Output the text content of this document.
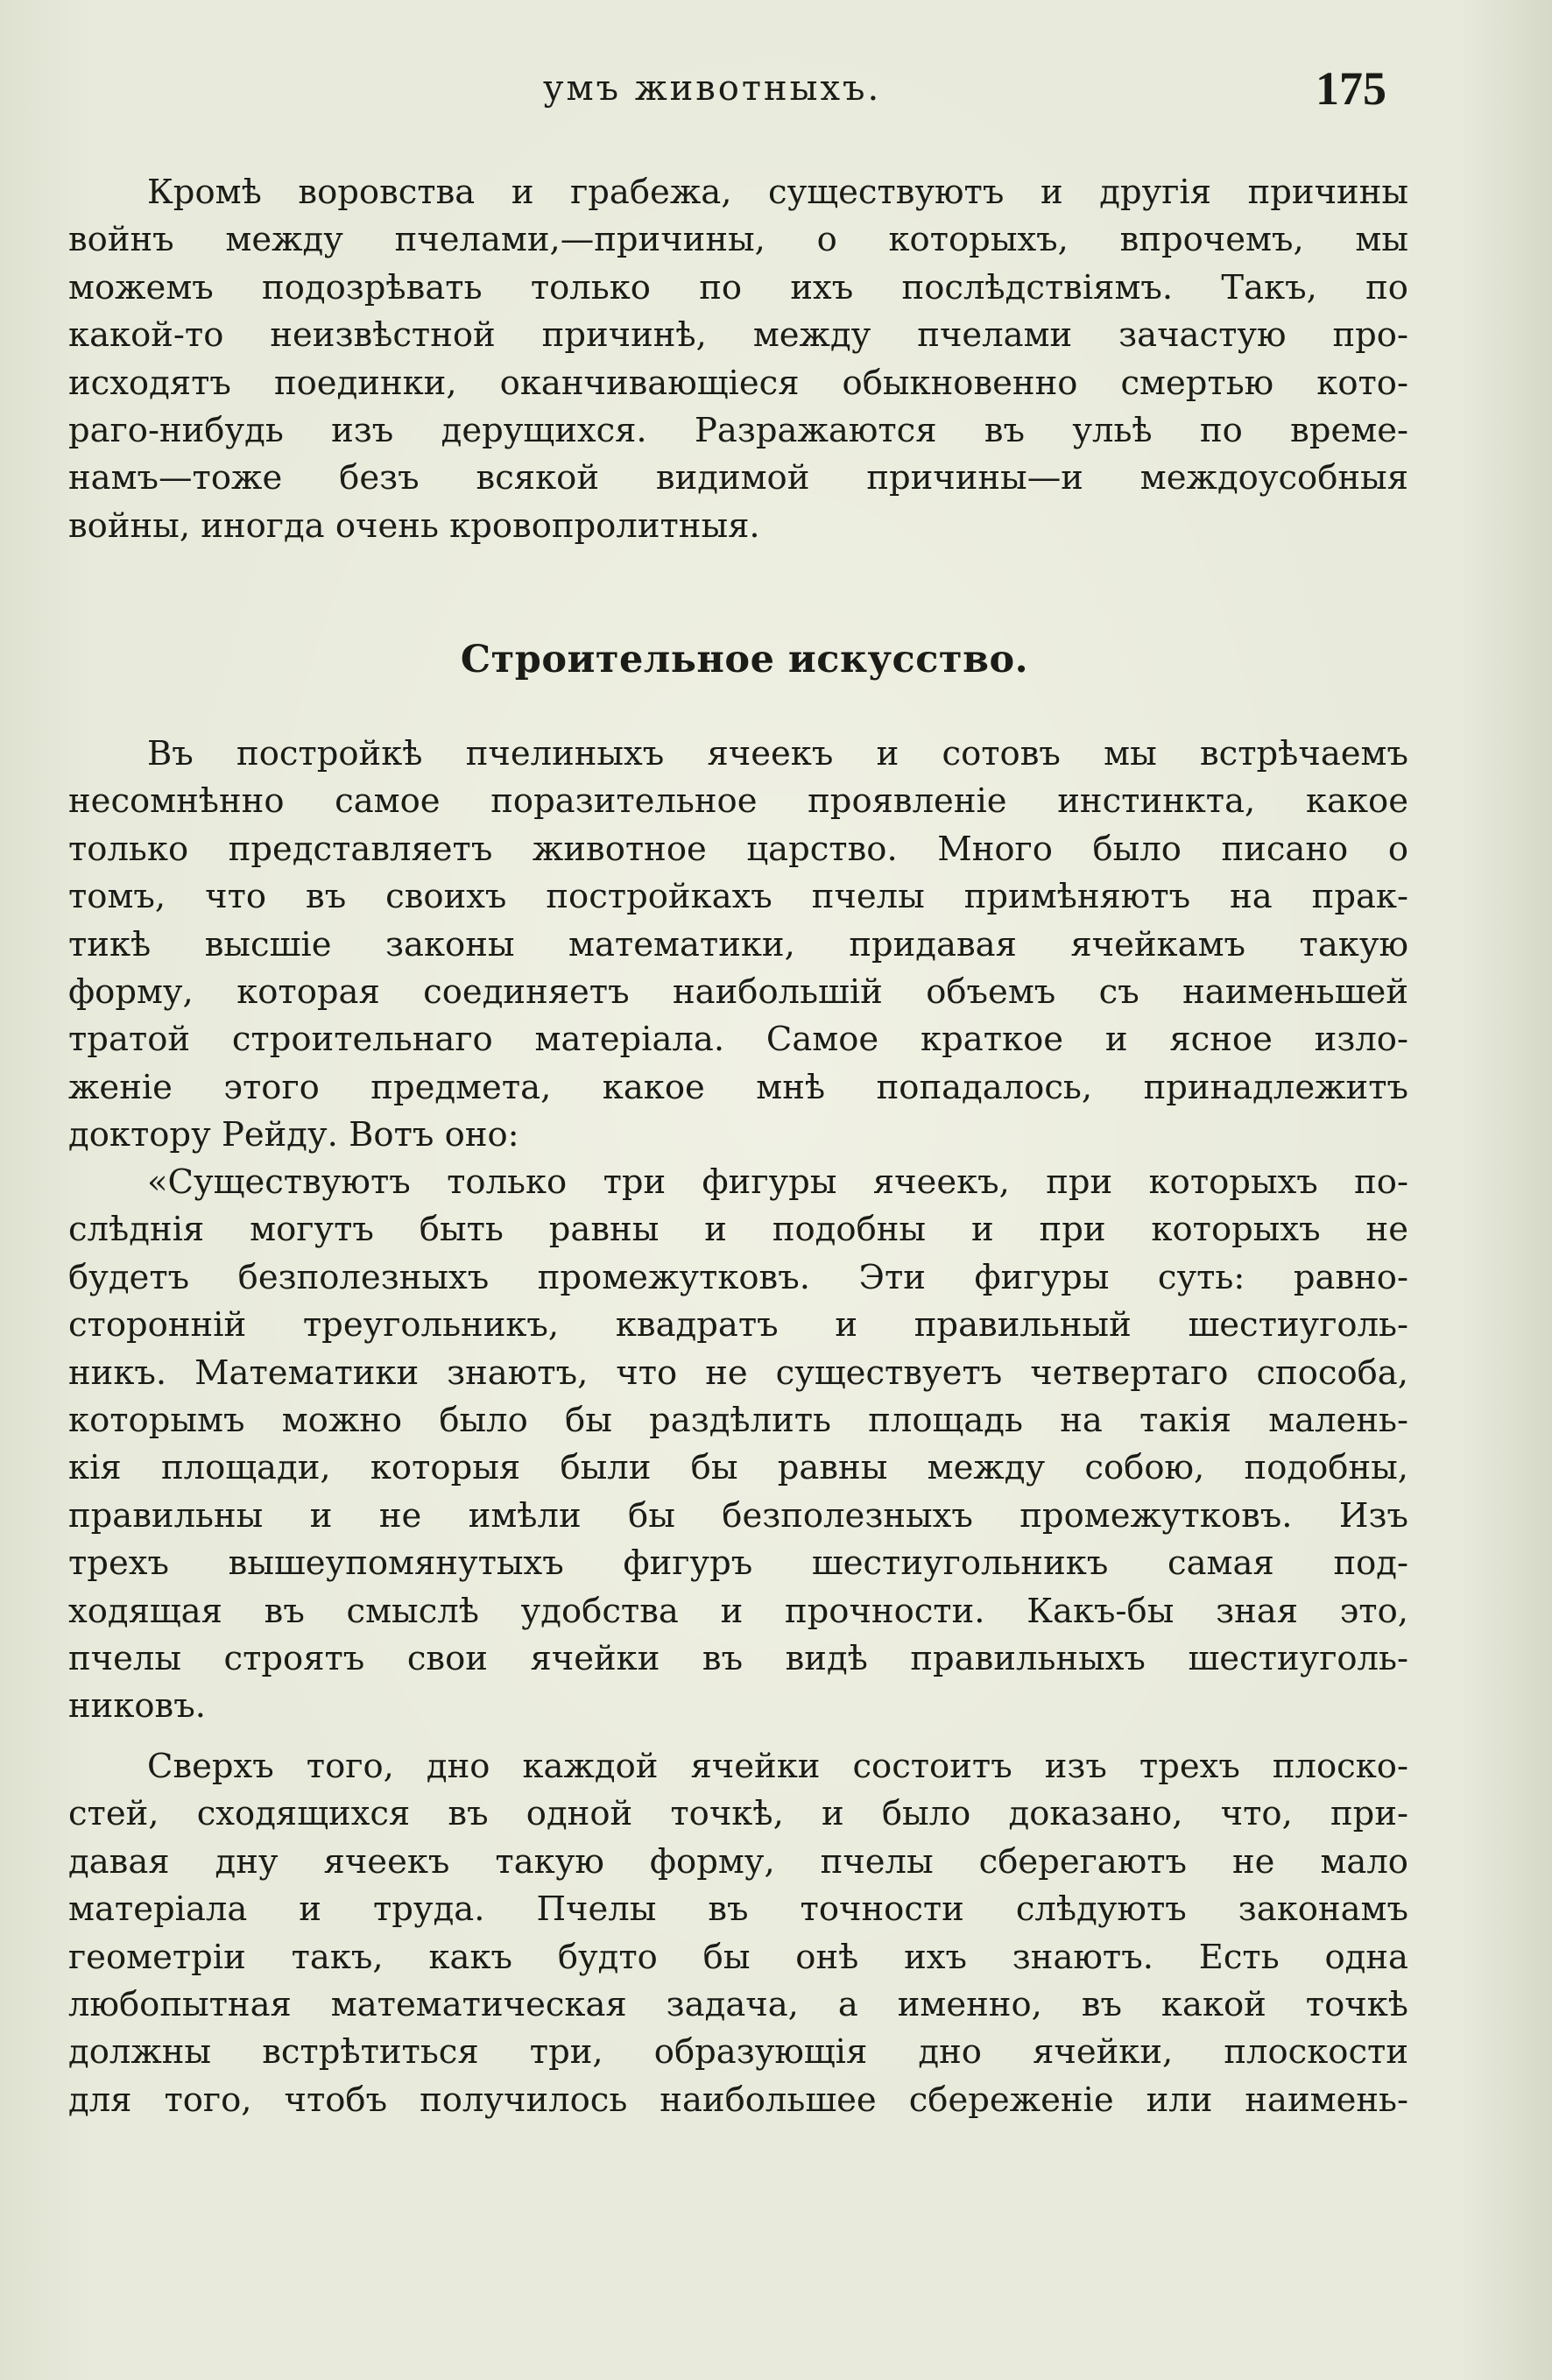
умъ животныхъ.	175
Кромѣ воровства и грабежа, существуютъ и другія причины
войнъ между пчелами,—причины, о которыхъ, впрочемъ, мы
можемъ подозрѣвать только по ихъ послѣдствіямъ. Такъ, по
какой-то неизвѣстной причинѣ, между пчелами зачастую про-
исходятъ поединки, оканчивающіеся обыкновенно смертью кото-
раго-нибудь изъ дерущихся. Разражаются въ ульѣ по време-
намъ—тоже безъ всякой видимой причины—и междоусобныя
войны, иногда очень кровопролитныя.
Строительное искусство.
Въ постройкѣ пчелиныхъ ячеекъ и сотовъ мы встрѣчаемъ
несомнѣнно самое поразительное проявленіе инстинкта, какое
только представляетъ животное царство. Много было писано о
томъ, что въ своихъ постройкахъ пчелы примѣняютъ на прак-
тикѣ высшіе законы математики, придавая ячейкамъ такую
форму, которая соединяетъ наибольшій объемъ съ наименьшей
тратой строительнаго матеріала. Самое краткое и ясное изло-
женіе этого предмета, какое мнѣ попадалось, принадлежитъ
доктору Рейду. Вотъ оно:
«Существуютъ только три фигуры ячеекъ, при которыхъ по-
слѣднія могутъ быть равны и подобны и при которыхъ не
будетъ безполезныхъ промежутковъ. Эти фигуры суть: равно-
сторонній треугольникъ, квадратъ и правильный шестиуголь-
никъ. Математики знаютъ, что не существуетъ четвертаго способа,
которымъ можно было бы раздѣлить площадь на такія малень-
кія площади, которыя были бы равны между собою, подобны,
правильны и не имѣли бы безполезныхъ промежутковъ. Изъ
трехъ вышеупомянутыхъ фигуръ шестиугольникъ самая под-
ходящая въ смыслѣ удобства и прочности. Какъ-бы зная это,
пчелы строятъ свои ячейки въ видѣ правильныхъ шестиуголь-
никовъ.
Сверхъ того, дно каждой ячейки состоитъ изъ трехъ плоско-
стей, сходящихся въ одной точкѣ, и было доказано, что, при-
давая дну ячеекъ такую форму, пчелы сберегаютъ не мало
матеріала и труда. Пчелы въ точности слѣдуютъ законамъ
геометріи такъ, какъ будто бы онѣ ихъ знаютъ. Есть одна
любопытная математическая задача, а именно, въ какой точкѣ
должны встрѣтиться три, образующія дно ячейки, плоскости
для того, чтобъ получилось наибольшее сбереженіе или наимень-
